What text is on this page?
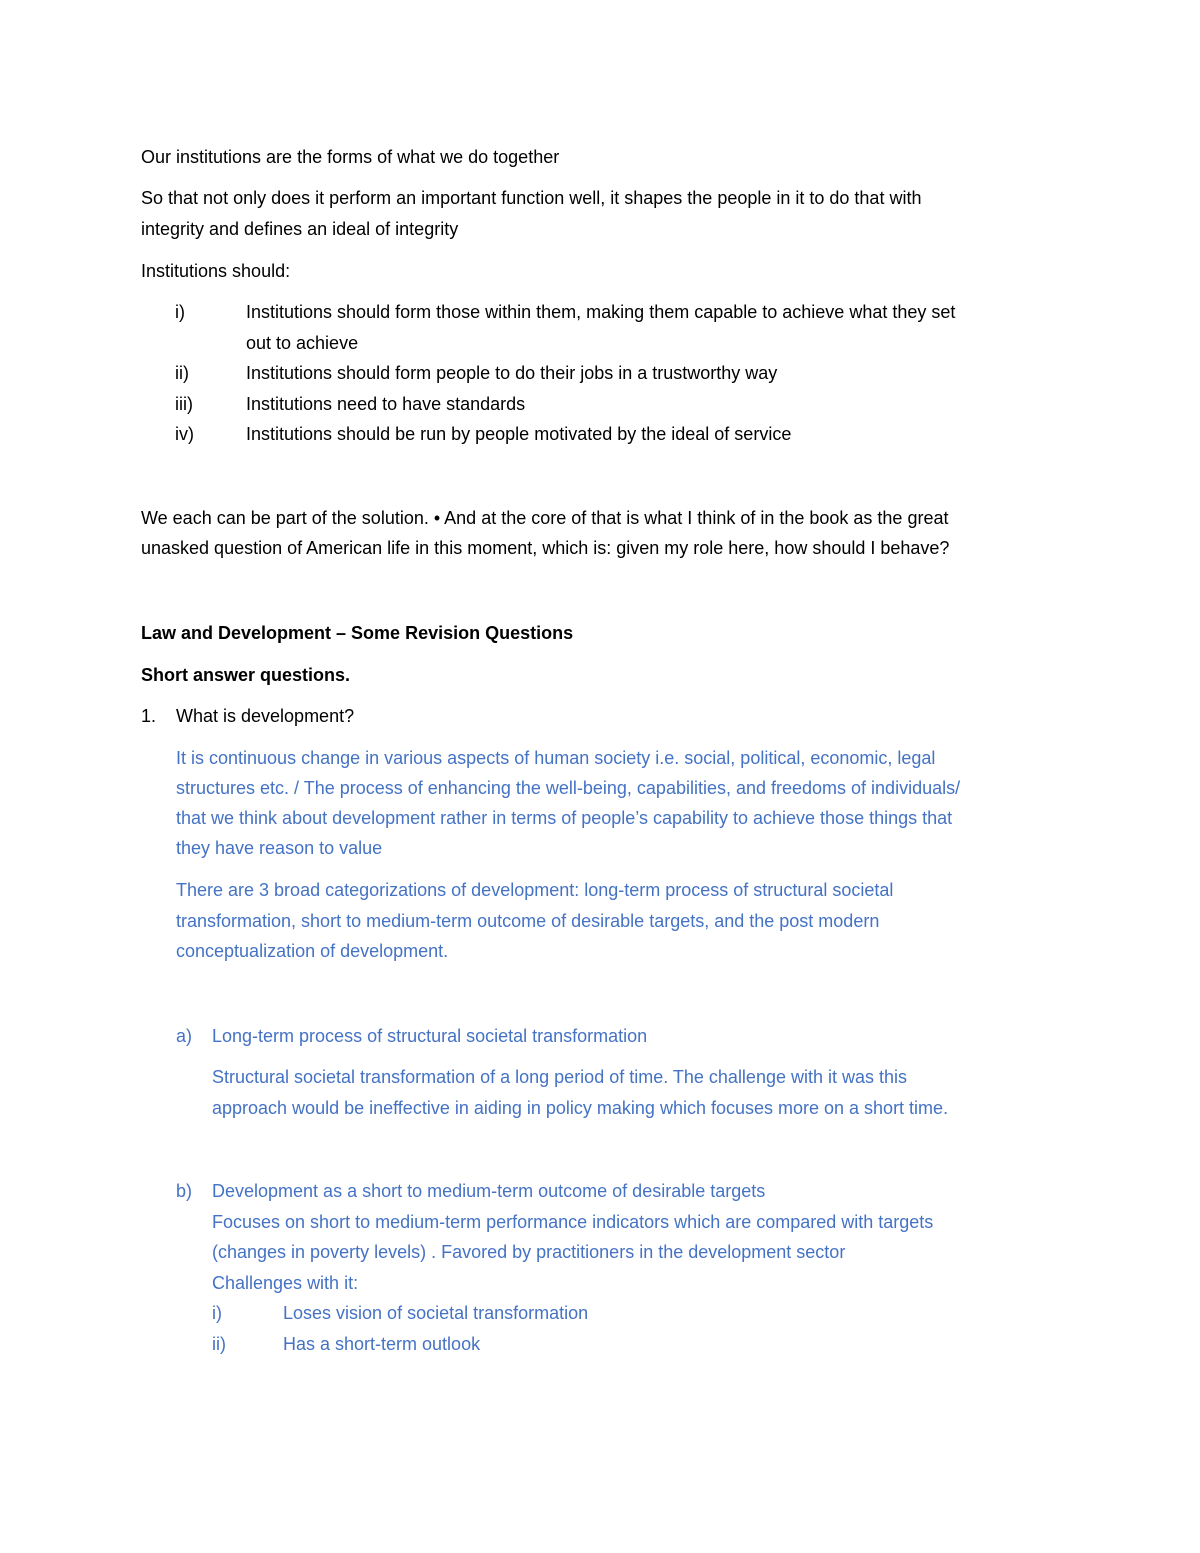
Our institutions are the forms of what we do together
So that not only does it perform an important function well, it shapes the people in it to do that with
integrity and defines an ideal of integrity
Institutions should:
i)	Institutions should form those within them, making them capable to achieve what they set
out to achieve
ii)	Institutions should form people to do their jobs in a trustworthy way
iii)	Institutions need to have standards
iv)	Institutions should be run by people motivated by the ideal of service
We each can be part of the solution. • And at the core of that is what I think of in the book as the great
unasked question of American life in this moment, which is: given my role here, how should I behave?
Law and Development – Some Revision Questions
Short answer questions.
1. What is development?
It is continuous change in various aspects of human society i.e. social, political, economic, legal
structures etc. / The process of enhancing the well-being, capabilities, and freedoms of individuals/
that we think about development rather in terms of people’s capability to achieve those things that
they have reason to value
There are 3 broad categorizations of development: long-term process of structural societal
transformation, short to medium-term outcome of desirable targets, and the post modern
conceptualization of development.
a) Long-term process of structural societal transformation
Structural societal transformation of a long period of time. The challenge with it was this
approach would be ineffective in aiding in policy making which focuses more on a short time.
b) Development as a short to medium-term outcome of desirable targets
Focuses on short to medium-term performance indicators which are compared with targets
(changes in poverty levels) . Favored by practitioners in the development sector
Challenges with it:
i)	Loses vision of societal transformation
ii)	Has a short-term outlook
